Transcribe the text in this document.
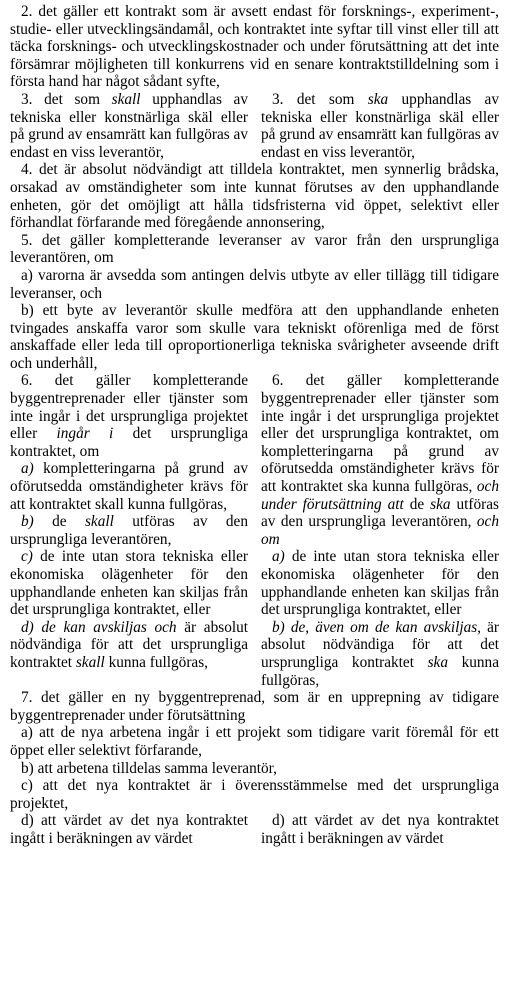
2. det gäller ett kontrakt som är avsett endast för forsknings-, experiment-, studie- eller utvecklingsändamål, och kontraktet inte syftar till vinst eller till att täcka forsknings- och utvecklingskostnader och under förutsättning att det inte försämrar möjligheten till konkurrens vid en senare kontraktstilldelning som i första hand har något sådant syfte,

3. det som skall upphandlas av tekniska eller konstnärliga skäl eller på grund av ensamrätt kan fullgöras av endast en viss leverantör,

3. det som ska upphandlas av tekniska eller konstnärliga skäl eller på grund av ensamrätt kan fullgöras av endast en viss leverantör,

4. det är absolut nödvändigt att tilldela kontraktet, men synnerlig brådska, orsakad av omständigheter som inte kunnat förutses av den upphandlande enheten, gör det omöjligt att hålla tidsfristerna vid öppet, selektivt eller förhandlat förfarande med föregående annonsering,

5. det gäller kompletterande leveranser av varor från den ursprungliga leverantören, om

a) varorna är avsedda som antingen delvis utbyte av eller tillägg till tidigare leveranser, och

b) ett byte av leverantör skulle medföra att den upphandlande enheten tvingades anskaffa varor som skulle vara tekniskt oförenliga med de först anskaffade eller leda till oproportionerliga tekniska svårigheter avseende drift och underhåll,

6. det gäller kompletterande byggentreprenader eller tjänster som inte ingår i det ursprungliga projektet eller ingår i det ursprungliga kontraktet, om

a) kompletteringarna på grund av oförutsedda omständigheter krävs för att kontraktet skall kunna fullgöras,

b) de skall utföras av den ursprungliga leverantören,

c) de inte utan stora tekniska eller ekonomiska olägenheter för den upphandlande enheten kan skiljas från det ursprungliga kontraktet, eller

d) de kan avskiljas och är absolut nödvändiga för att det ursprungliga kontraktet skall kunna fullgöras,

6. det gäller kompletterande byggentreprenader eller tjänster som inte ingår i det ursprungliga projektet eller det ursprungliga kontraktet, om kompletteringarna på grund av oförutsedda omständigheter krävs för att kontraktet ska kunna fullgöras, och under förutsättning att de ska utföras av den ursprungliga leverantören, och om

a) de inte utan stora tekniska eller ekonomiska olägenheter för den upphandlande enheten kan skiljas från det ursprungliga kontraktet, eller

b) de, även om de kan avskiljas, är absolut nödvändiga för att det ursprungliga kontraktet ska kunna fullgöras,

7. det gäller en ny byggentreprenad, som är en upprepning av tidigare byggentreprenader under förutsättning

a) att de nya arbetena ingår i ett projekt som tidigare varit föremål för ett öppet eller selektivt förfarande,

b) att arbetena tilldelas samma leverantör,

c) att det nya kontraktet är i överensstämmelse med det ursprungliga projektet,

d) att värdet av det nya kontraktet ingått i beräkningen av värdet

d) att värdet av det nya kontraktet ingått i beräkningen av värdet
